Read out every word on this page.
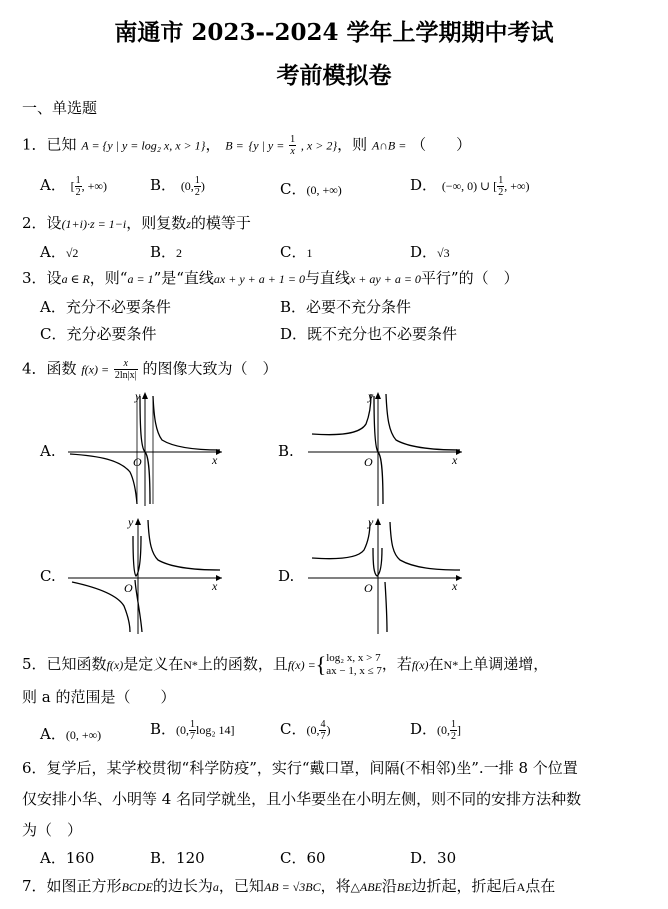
南通市 2023--2024 学年上学期期中考试
考前模拟卷
一、单选题
1．已知 A = {y | y = log₂ x, x > 1}， B = {y | $y = \frac{1}{x}$ , x > 2}，则 A∩B = （　　）
A． [ $\frac{1}{2}$ , +∞)	B． (0, $\frac{1}{2}$ )	C．(0, +∞)	D． (−∞, 0) ∪ [ $\frac{1}{2}$ , +∞)
2．设(1+i)·z = 1−i，则复数z的模等于
A．√2	B．2	C．1	D．√3
3．设a ∈ R，则“a = 1”是“直线ax + y + a + 1 = 0与直线x + ay + a = 0平行”的（　）
A．充分不必要条件	B．必要不充分条件
C．充分必要条件	D．既不充分也不必要条件
4．函数 $f(x) = \frac{x}{2\ln|x|}$ 的图像大致为（　）
A.	B.
C.	D.
O	x
y
O	x
y
O	x
y
O	x
y
5．已知函数f(x)是定义在N*上的函数，且f(x) ={ log₂ x, x > 7
ax − 1, x ≤ 7 ，若f(x)在N*上单调递增，
则 a 的范围是（　　）
A．(0, +∞)	B．(0, $\frac{1}{7} \log_2$ 14]	C．(0, $\frac{4}{7}$ )	D．(0, $\frac{1}{2}$ ]
6．复学后，某学校贯彻“科学防疫”，实行“戴口罩，间隔(不相邻)坐”.一排 8 个位置
仅安排小华、小明等 4 名同学就坐，且小华要坐在小明左侧，则不同的安排方法种数
为（　）
A．160	B．120	C．60	D．30
7．如图正方形BCDE的边长为a，已知AB = √3BC，将△ABE沿BE边折起，折起后A点在
